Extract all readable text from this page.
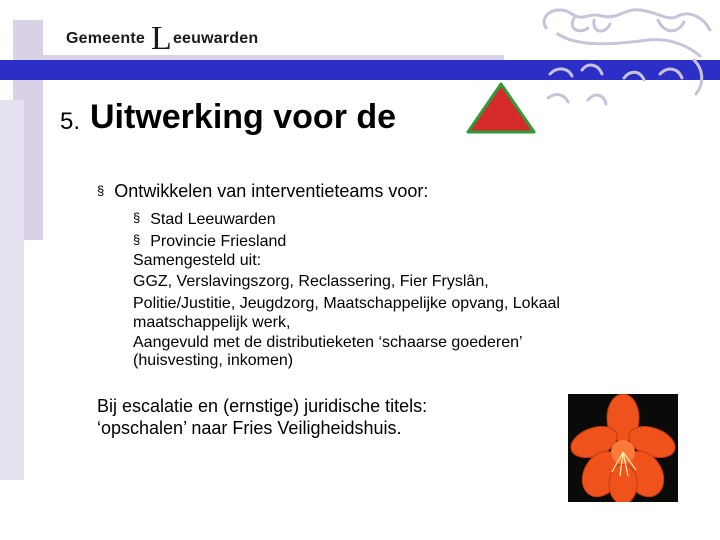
Gemeente Leeuwarden
5. Uitwerking voor de
§ Ontwikkelen van interventieteams voor:
§ Stad Leeuwarden
§ Provincie Friesland
Samengesteld uit:
GGZ, Verslavingszorg, Reclassering, Fier Fryslân,
Politie/Justitie, Jeugdzorg, Maatschappelijke opvang, Lokaal
maatschappelijk werk,
Aangevuld met de distributieketen ‘schaarse goederen’
(huisvesting, inkomen)
Bij escalatie en (ernstige) juridische titels:
‘opschalen’ naar Fries Veiligheidshuis.
